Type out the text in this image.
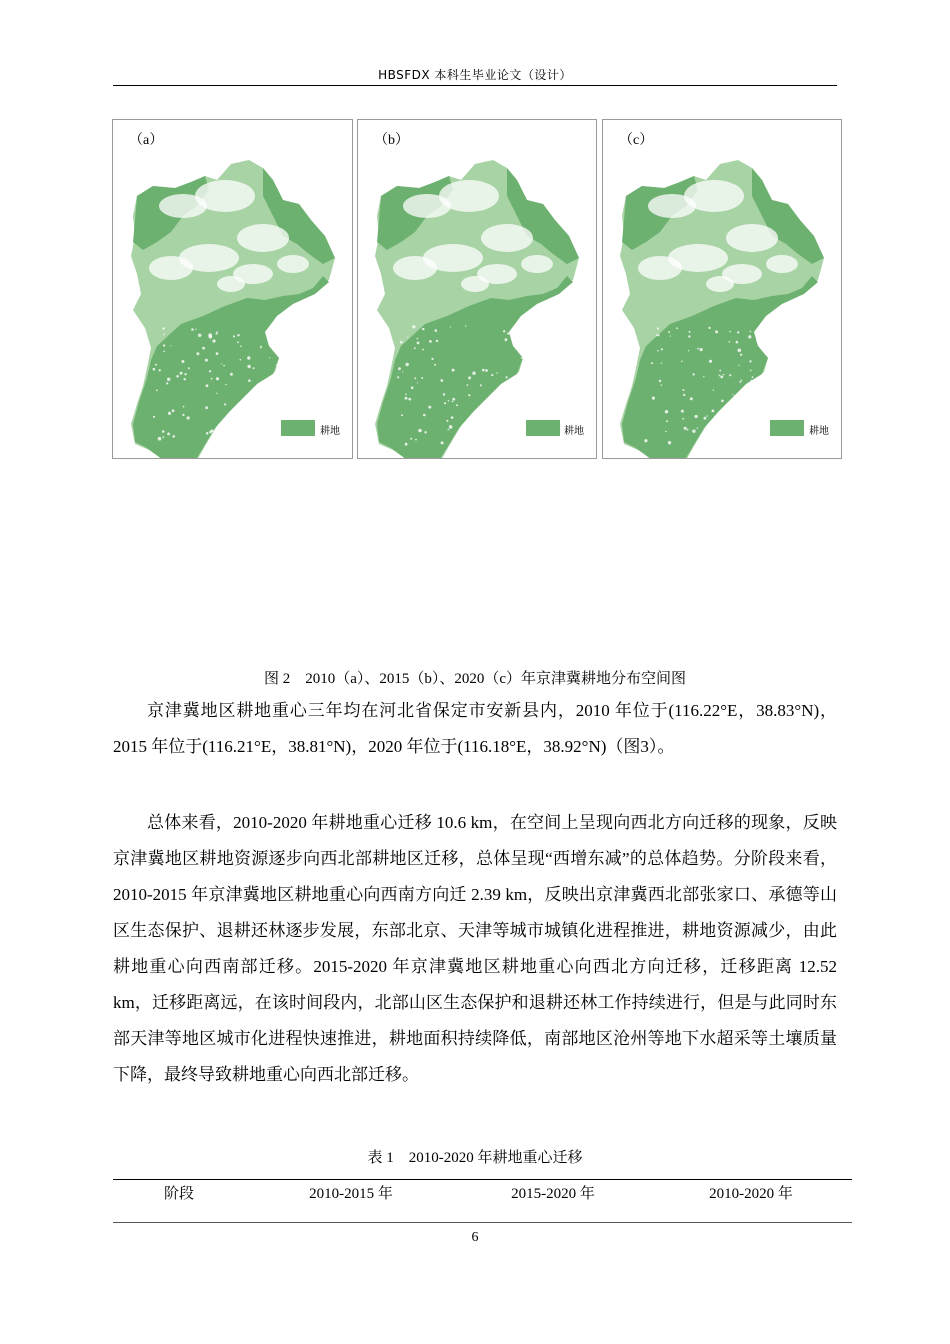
HBSFDX 本科生毕业论文（设计）
（a）
耕地
（b）
耕地
（c）
耕地
图 2　2010（a）、2015（b）、2020（c）年京津冀耕地分布空间图

京津冀地区耕地重心三年均在河北省保定市安新县内，2010 年位于(116.22°E，38.83°N)，2015 年位于(116.21°E，38.81°N)，2020 年位于(116.18°E，38.92°N)（图3）。

总体来看，2010-2020 年耕地重心迁移 10.6 km，在空间上呈现向西北方向迁移的现象，反映京津冀地区耕地资源逐步向西北部耕地区迁移，总体呈现“西增东减”的总体趋势。分阶段来看，2010-2015 年京津冀地区耕地重心向西南方向迁 2.39 km，反映出京津冀西北部张家口、承德等山区生态保护、退耕还林逐步发展，东部北京、天津等城市城镇化进程推进，耕地资源减少，由此耕地重心向西南部迁移。2015-2020 年京津冀地区耕地重心向西北方向迁移，迁移距离 12.52 km，迁移距离远，在该时间段内，北部山区生态保护和退耕还林工作持续进行，但是与此同时东部天津等地区城市化进程快速推进，耕地面积持续降低，南部地区沧州等地下水超采等土壤质量下降，最终导致耕地重心向西北部迁移。

表 1　2010-2020 年耕地重心迁移
阶段	2010-2015 年	2015-2020 年	2010-2020 年
6
